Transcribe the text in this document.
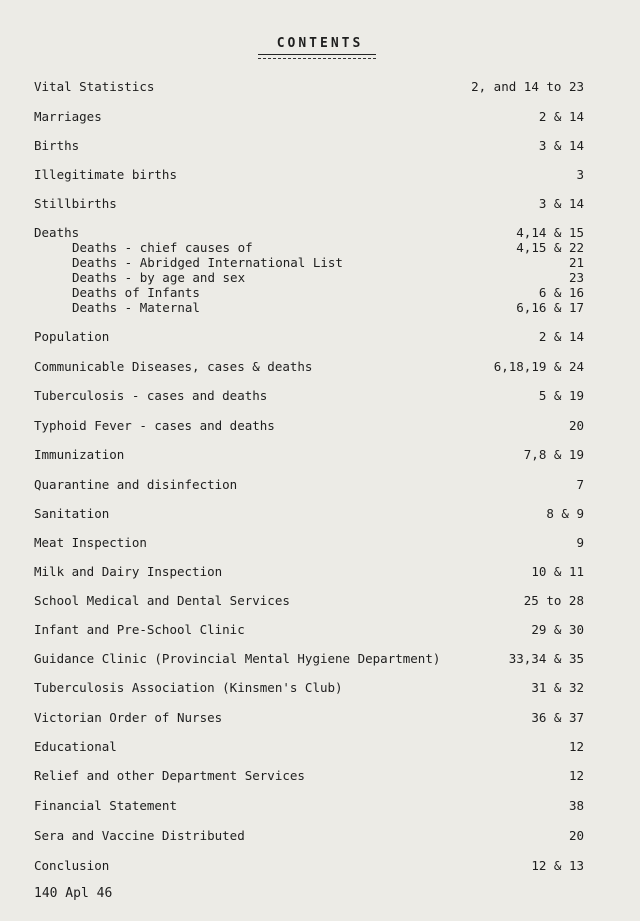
CONTENTS
Vital Statistics	2, and 14 to 23
Marriages	2 & 14
Births	3 & 14
Illegitimate births	3
Stillbirths	3 & 14
Deaths	4,14 & 15
Deaths - chief causes of	4,15 & 22
Deaths - Abridged International List	21
Deaths - by age and sex	23
Deaths of Infants	6 & 16
Deaths - Maternal	6,16 & 17
Population	2 & 14
Communicable Diseases, cases & deaths	6,18,19 & 24
Tuberculosis - cases and deaths	5 & 19
Typhoid Fever - cases and deaths	20
Immunization	7,8 & 19
Quarantine and disinfection	7
Sanitation	8 & 9
Meat Inspection	9
Milk and Dairy Inspection	10 & 11
School Medical and Dental Services	25 to 28
Infant and Pre-School Clinic	29 & 30
Guidance Clinic (Provincial Mental Hygiene Department)	33,34 & 35
Tuberculosis Association (Kinsmen's Club)	31 & 32
Victorian Order of Nurses	36 & 37
Educational	12
Relief and other Department Services	12
Financial Statement	38
Sera and Vaccine Distributed	20
Conclusion	12 & 13
140 Apl 46
